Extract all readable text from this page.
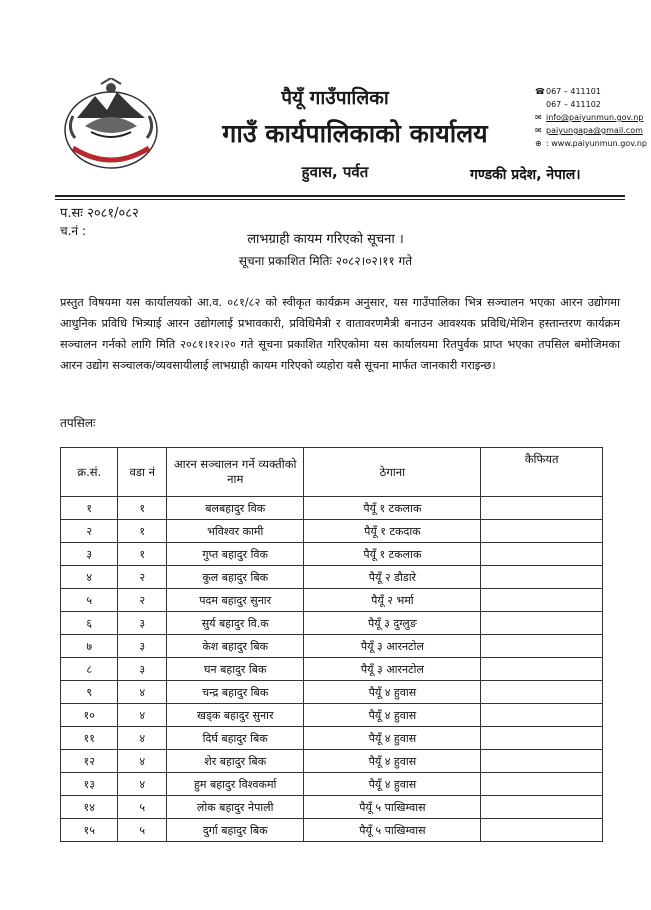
पैयूँ गाउँपालिका
गाउँ कार्यपालिकाको कार्यालय
हुवास, पर्वत	गण्डकी प्रदेश, नेपाल।
☎067 – 411101
067 – 411102
✉ info@paiyunmun.gov.np
✉ paiyungapa@gmail.com
⊕ : www.paiyunmun.gov.np
प.सः २०८१/०८२
च.नं :
लाभग्राही कायम गरिएको सूचना ।
सूचना प्रकाशित मितिः २०८२।०२।११ गते
प्रस्तुत विषयमा यस कार्यालयको आ.व. ०८१/८२ को स्वीकृत कार्यक्रम अनुसार, यस गाउँपालिका भित्र सञ्चालन भएका आरन उद्योगमा आधुनिक प्रविधि भित्र्याई आरन उद्योगलाई प्रभावकारी, प्रविधिमैत्री र वातावरणमैत्री बनाउन आवश्यक प्रविधि/मेशिन हस्तान्तरण कार्यक्रम सञ्चालन गर्नको लागि मिति २०८१।१२।२० गते सूचना प्रकाशित गरिएकोमा यस कार्यालयमा रितपुर्वक प्राप्त भएका तपसिल बमोजिमका आरन उद्योग सञ्चालक/व्यवसायीलाई लाभग्राही कायम गरिएको व्यहोरा यसै सूचना मार्फत जानकारी गराइन्छ।
तपसिलः
क्र.सं.	वडा नं	आरन सञ्चालन गर्ने व्यक्तीको नाम	ठेगाना	कैफियत
१	१	बलबहादुर विक	पैयूँ १ टकलाक	
२	१	भविश्वर कामी	पैयूँ १ टकदाक	
३	१	गुप्त बहादुर विक	पैयूँ १ टकलाक	
४	२	कुल बहादुर बिक	पैयूँ २ डौडारे	
५	२	पदम बहादुर सुनार	पैयूँ २ भर्मा	
६	३	सुर्य बहादुर वि.क	पैयूँ ३ दुग्लुङ	
७	३	केश बहादुर बिक	पैयूँ ३ आरनटोल	
८	३	घन बहादुर बिक	पैयूँ ३ आरनटोल	
९	४	चन्द्र बहादुर बिक	पैयूँ ४ हुवास	
१०	४	खड्क बहादुर सुनार	पैयूँ ४ हुवास	
११	४	दिर्घ बहादुर बिक	पैयूँ ४ हुवास	
१२	४	शेर बहादुर बिक	पैयूँ ४ हुवास	
१३	४	हुम बहादुर विश्वकर्मा	पैयूँ ४ हुवास	
१४	५	लोक बहादुर नेपाली	पैयूँ ५ पाखिम्वास	
१५	५	दुर्गा बहादुर बिक	पैयूँ ५ पाखिम्वास	
